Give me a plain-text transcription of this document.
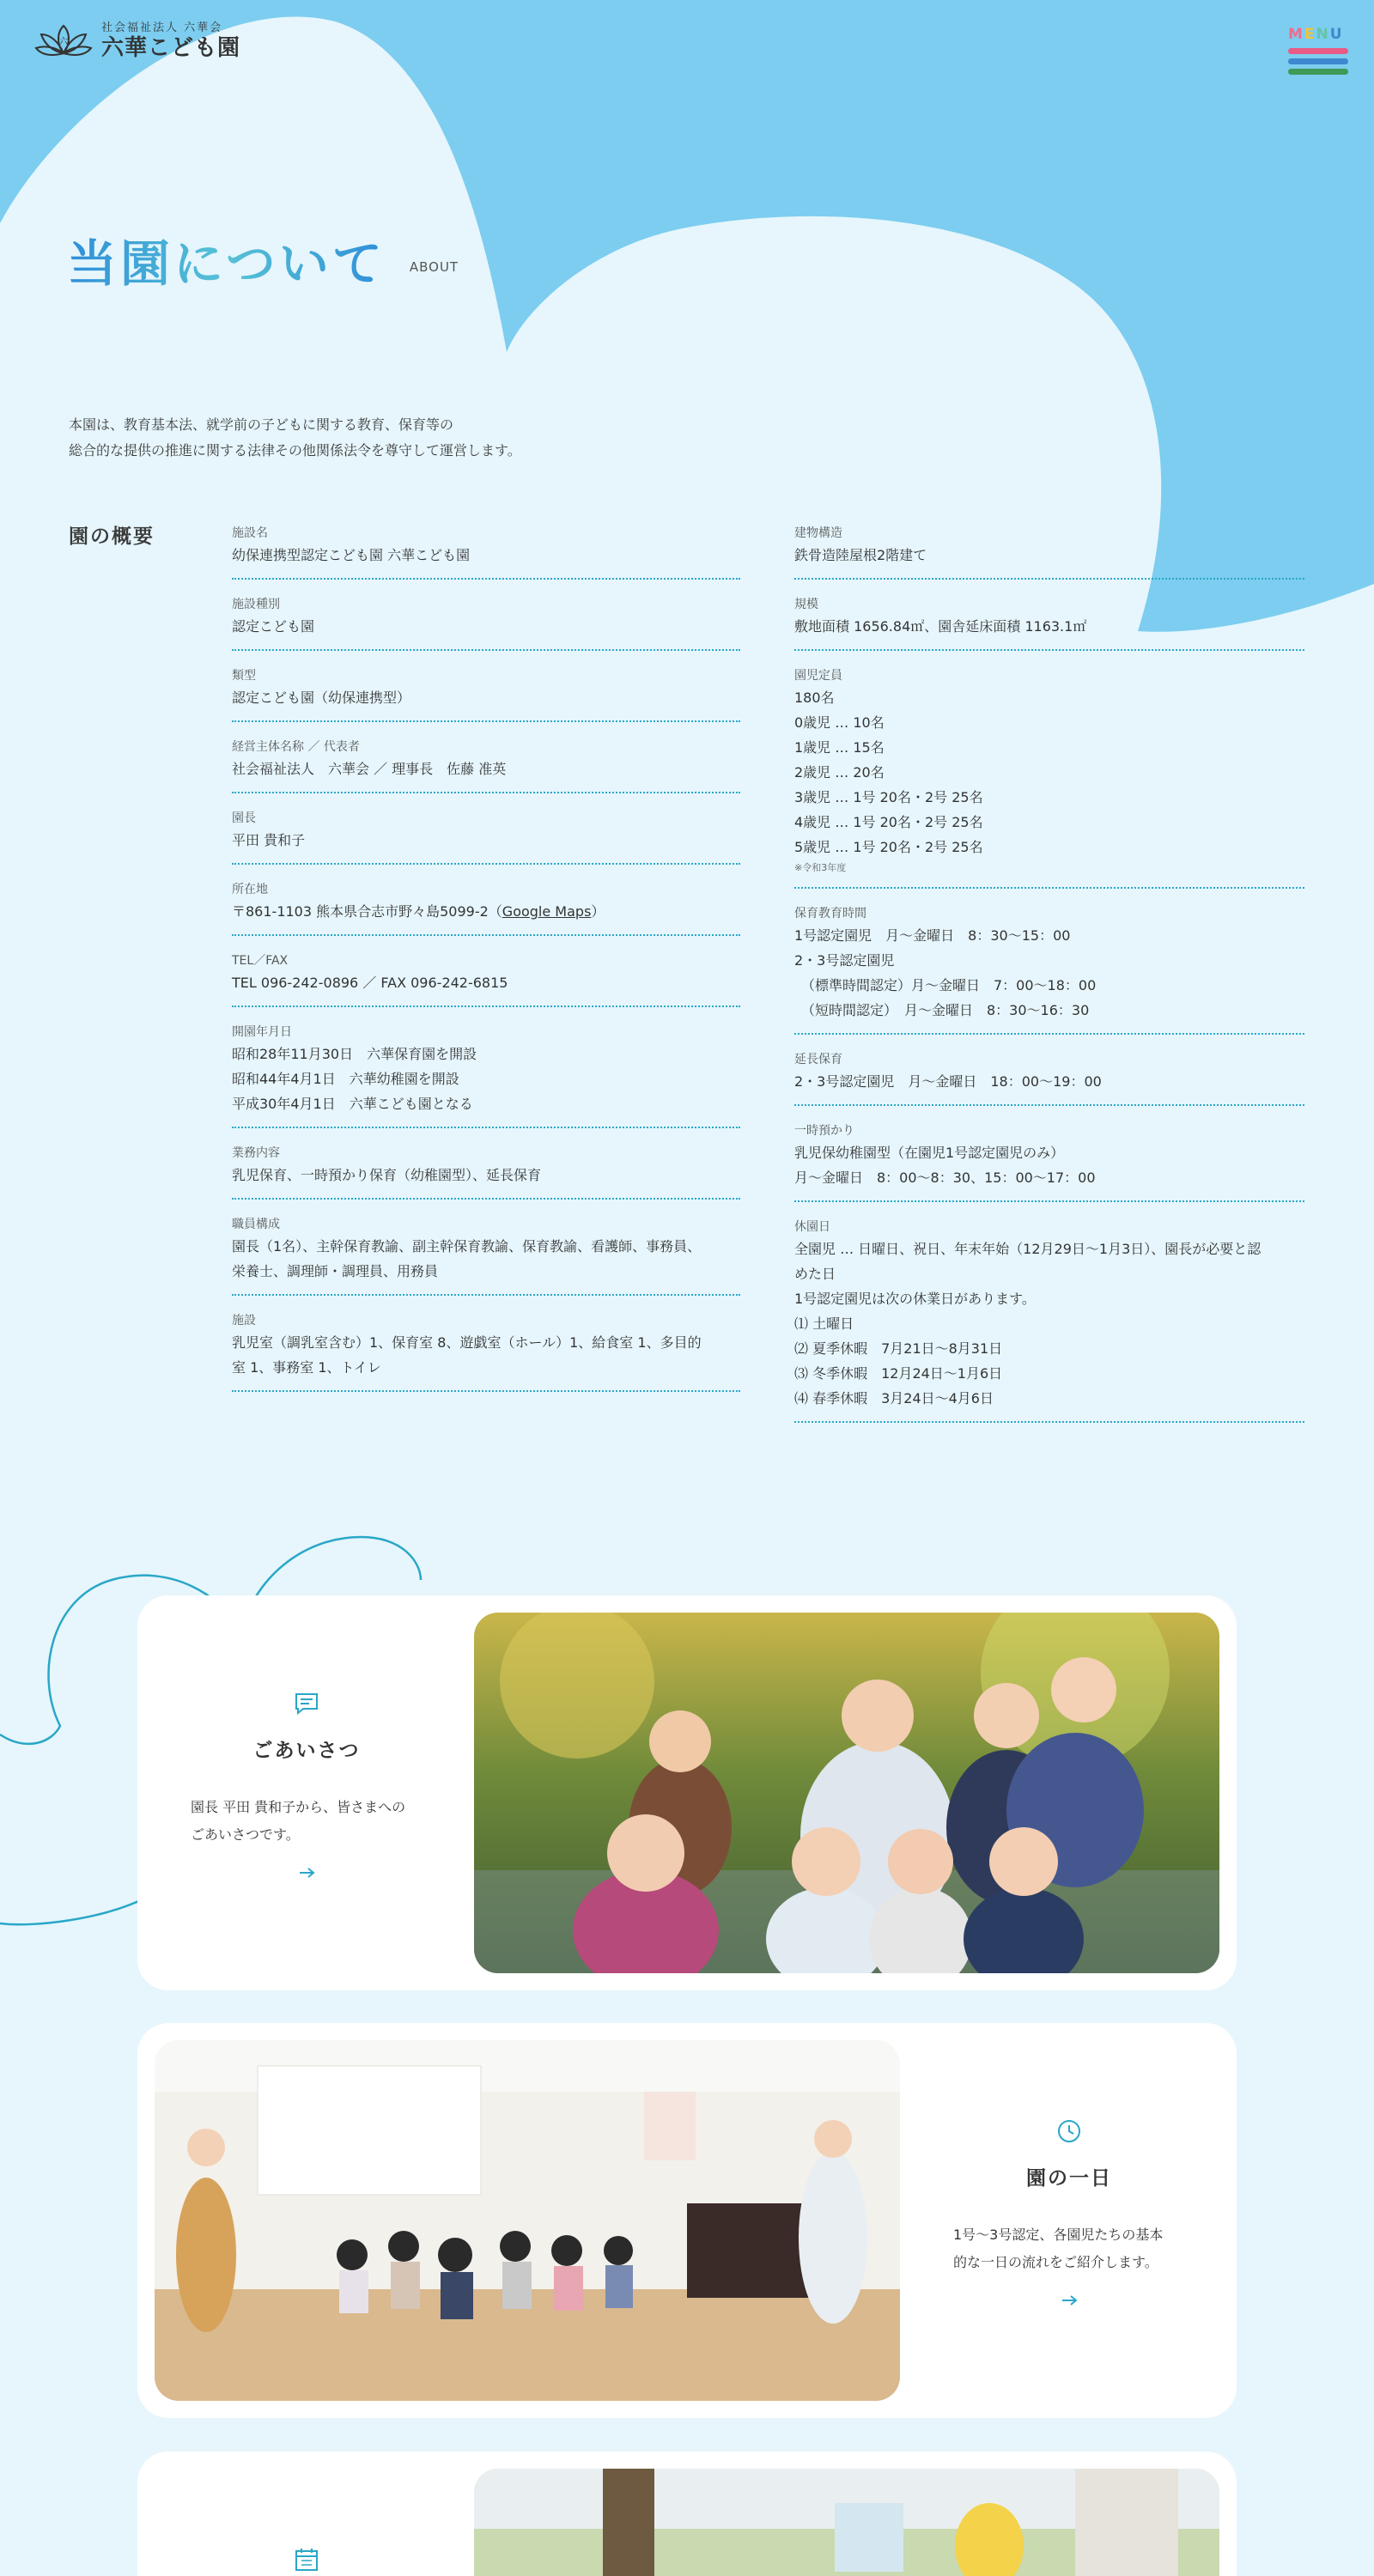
六
社会福祉法人 六華会
六華こども園
M E N U
当園について ABOUT
本園は、教育基本法、就学前の子どもに関する教育、保育等の
総合的な提供の推進に関する法律その他関係法令を尊守して運営します。
園の概要	施設名
幼保連携型認定こども園 六華こども園
施設種別
認定こども園
類型
認定こども園（幼保連携型）
経営主体名称 ／ 代表者
社会福祉法人　六華会 ／ 理事長　佐藤 准英
園長
平田 貴和子
所在地
〒861-1103 熊本県合志市野々島5099-2（Google Maps）
TEL／FAX
TEL 096-242-0896 ／ FAX 096-242-6815
開園年月日
昭和28年11月30日　六華保育園を開設
昭和44年4月1日　六華幼稚園を開設
平成30年4月1日　六華こども園となる
業務内容
乳児保育、一時預かり保育（幼稚園型）、延長保育
職員構成
園長（1名）、主幹保育教諭、副主幹保育教諭、保育教諭、看護師、事務員、
栄養士、調理師・調理員、用務員
施設
乳児室（調乳室含む）1、保育室 8、遊戯室（ホール）1、給食室 1、多目的
室 1、事務室 1、トイレ
建物構造
鉄骨造陸屋根2階建て
規模
敷地面積 1656.84㎡、園舎延床面積 1163.1㎡
園児定員
180名
0歳児 … 10名
1歳児 … 15名
2歳児 … 20名
3歳児 … 1号 20名・2号 25名
4歳児 … 1号 20名・2号 25名
5歳児 … 1号 20名・2号 25名
※令和3年度
保育教育時間
1号認定園児　月～金曜日　8：30～15：00
2・3号認定園児
　（標準時間認定）月～金曜日　7：00～18：00
　（短時間認定）　月～金曜日　8：30～16：30
延長保育
2・3号認定園児　月～金曜日　18：00～19：00
一時預かり
乳児保幼稚園型（在園児1号認定園児のみ）
月～金曜日　8：00～8：30、15：00～17：00
休園日
全園児 … 日曜日、祝日、年末年始（12月29日～1月3日）、園長が必要と認
めた日
1号認定園児は次の休業日があります。
⑴ 土曜日
⑵ 夏季休暇　7月21日～8月31日
⑶ 冬季休暇　12月24日～1月6日
⑷ 春季休暇　3月24日～4月6日
ごあいさつ
園長 平田 貴和子から、皆さまへの
ごあいさつです。
園の一日
1号～3号認定、各園児たちの基本
的な一日の流れをご紹介します。
